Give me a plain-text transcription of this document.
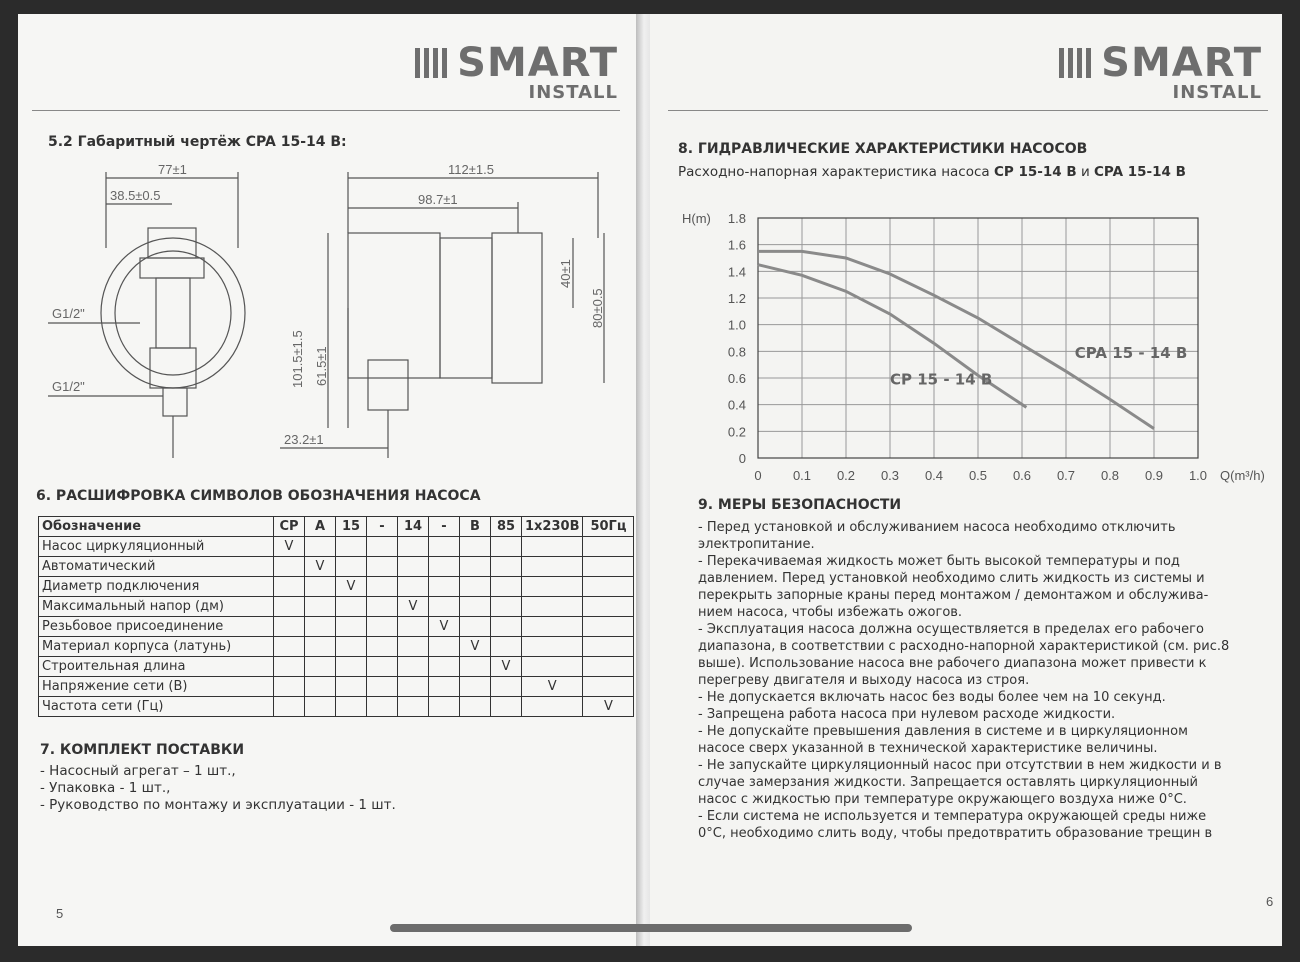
SMART
INSTALL
5.2 Габаритный чертёж CPA 15-14 B:
77±1
38.5±0.5
G1/2"
G1/2"
112±1.5
98.7±1
40±1
80±0.5
101.5±1.5 61.5±1
23.2±1
6. РАСШИФРОВКА СИМВОЛОВ ОБОЗНАЧЕНИЯ НАСОСА
Обозначение	CP	A	15	-	14	-	B	85	1x230B	50Гц
Насос циркуляционный	V									
Автоматический		V								
Диаметр подключения			V							
Максимальный напор (дм)					V					
Резьбовое присоединение						V				
Материал корпуса (латунь)							V			
Строительная длина								V		
Напряжение сети (В)									V	
Частота сети (Гц)										V
7. КОМПЛЕКТ ПОСТАВКИ
- Насосный агрегат – 1 шт.,
- Упаковка - 1 шт.,
- Руководство по монтажу и эксплуатации - 1 шт.
5
SMART
INSTALL
8. ГИДРАВЛИЧЕСКИЕ ХАРАКТЕРИСТИКИ НАСОСОВ
Расходно-напорная характеристика насоса CP 15-14 B и CPA 15-14 B
0 0.1 0.2 0.3 0.4 0.5 0.6 0.7 0.8 0.9 1.0
0
0.2
0.4
0.6
0.8
1.0
1.2
1.4
1.6
1.8
H(m)
Q(m³/h)
CP 15 - 14 B
CPA 15 - 14 B
9. МЕРЫ БЕЗОПАСНОСТИ
- Перед установкой и обслуживанием насоса необходимо отключить
электропитание.
- Перекачиваемая жидкость может быть высокой температуры и под
давлением. Перед установкой необходимо слить жидкость из системы и
перекрыть запорные краны перед монтажом / демонтажом и обслужива-
нием насоса, чтобы избежать ожогов.
- Эксплуатация насоса должна осуществляется в пределах его рабочего
диапазона, в соответствии с расходно-напорной характеристикой (см. рис.8
выше). Использование насоса вне рабочего диапазона может привести к
перегреву двигателя и выходу насоса из строя.
- Не допускается включать насос без воды более чем на 10 секунд.
- Запрещена работа насоса при нулевом расходе жидкости.
- Не допускайте превышения давления в системе и в циркуляционном
насосе сверх указанной в технической характеристике величины.
- Не запускайте циркуляционный насос при отсутствии в нем жидкости и в
случае замерзания жидкости. Запрещается оставлять циркуляционный
насос с жидкостью при температуре окружающего воздуха ниже 0°С.
- Если система не используется и температура окружающей среды ниже
0°С, необходимо слить воду, чтобы предотвратить образование трещин в
6
